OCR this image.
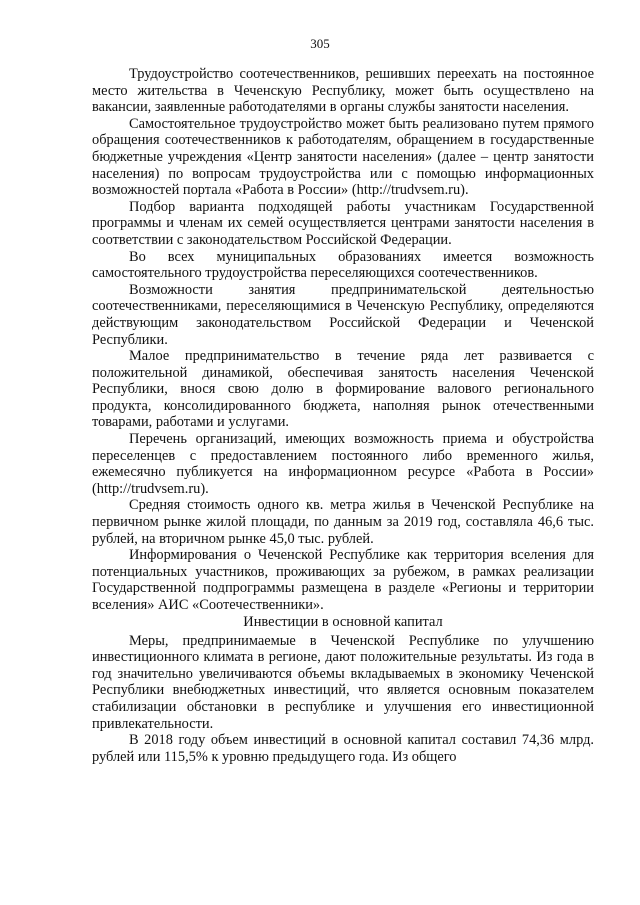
305

Трудоустройство соотечественников, решивших переехать на постоянное место жительства в Чеченскую Республику, может быть осуществлено на вакансии, заявленные работодателями в органы службы занятости населения.

Самостоятельное трудоустройство может быть реализовано путем прямого обращения соотечественников к работодателям, обращением в государственные бюджетные учреждения «Центр занятости населения» (далее – центр занятости населения) по вопросам трудоустройства или с помощью информационных возможностей портала «Работа в России» (http://trudvsem.ru).

Подбор варианта подходящей работы участникам Государственной программы и членам их семей осуществляется центрами занятости населения в соответствии с законодательством Российской Федерации.

Во всех муниципальных образованиях имеется возможность самостоятельного трудоустройства переселяющихся соотечественников.

Возможности занятия предпринимательской деятельностью соотечественниками, переселяющимися в Чеченскую Республику, определяются действующим законодательством Российской Федерации и Чеченской Республики.

Малое предпринимательство в течение ряда лет развивается с положительной динамикой, обеспечивая занятость населения Чеченской Республики, внося свою долю в формирование валового регионального продукта, консолидированного бюджета, наполняя рынок отечественными товарами, работами и услугами.

Перечень организаций, имеющих возможность приема и обустройства переселенцев с предоставлением постоянного либо временного жилья, ежемесячно публикуется на информационном ресурсе «Работа в России» (http://trudvsem.ru).

Средняя стоимость одного кв. метра жилья в Чеченской Республике на первичном рынке жилой площади, по данным за 2019 год, составляла 46,6 тыс. рублей, на вторичном рынке 45,0 тыс. рублей.

Информирования о Чеченской Республике как территория вселения для потенциальных участников, проживающих за рубежом, в рамках реализации Государственной подпрограммы размещена в разделе «Регионы и территории вселения» АИС «Соотечественники».

Инвестиции в основной капитал

Меры, предпринимаемые в Чеченской Республике по улучшению инвестиционного климата в регионе, дают положительные результаты. Из года в год значительно увеличиваются объемы вкладываемых в экономику Чеченской Республики внебюджетных инвестиций, что является основным показателем стабилизации обстановки в республике и улучшения его инвестиционной привлекательности.

В 2018 году объем инвестиций в основной капитал составил 74,36 млрд. рублей или 115,5% к уровню предыдущего года. Из общего
